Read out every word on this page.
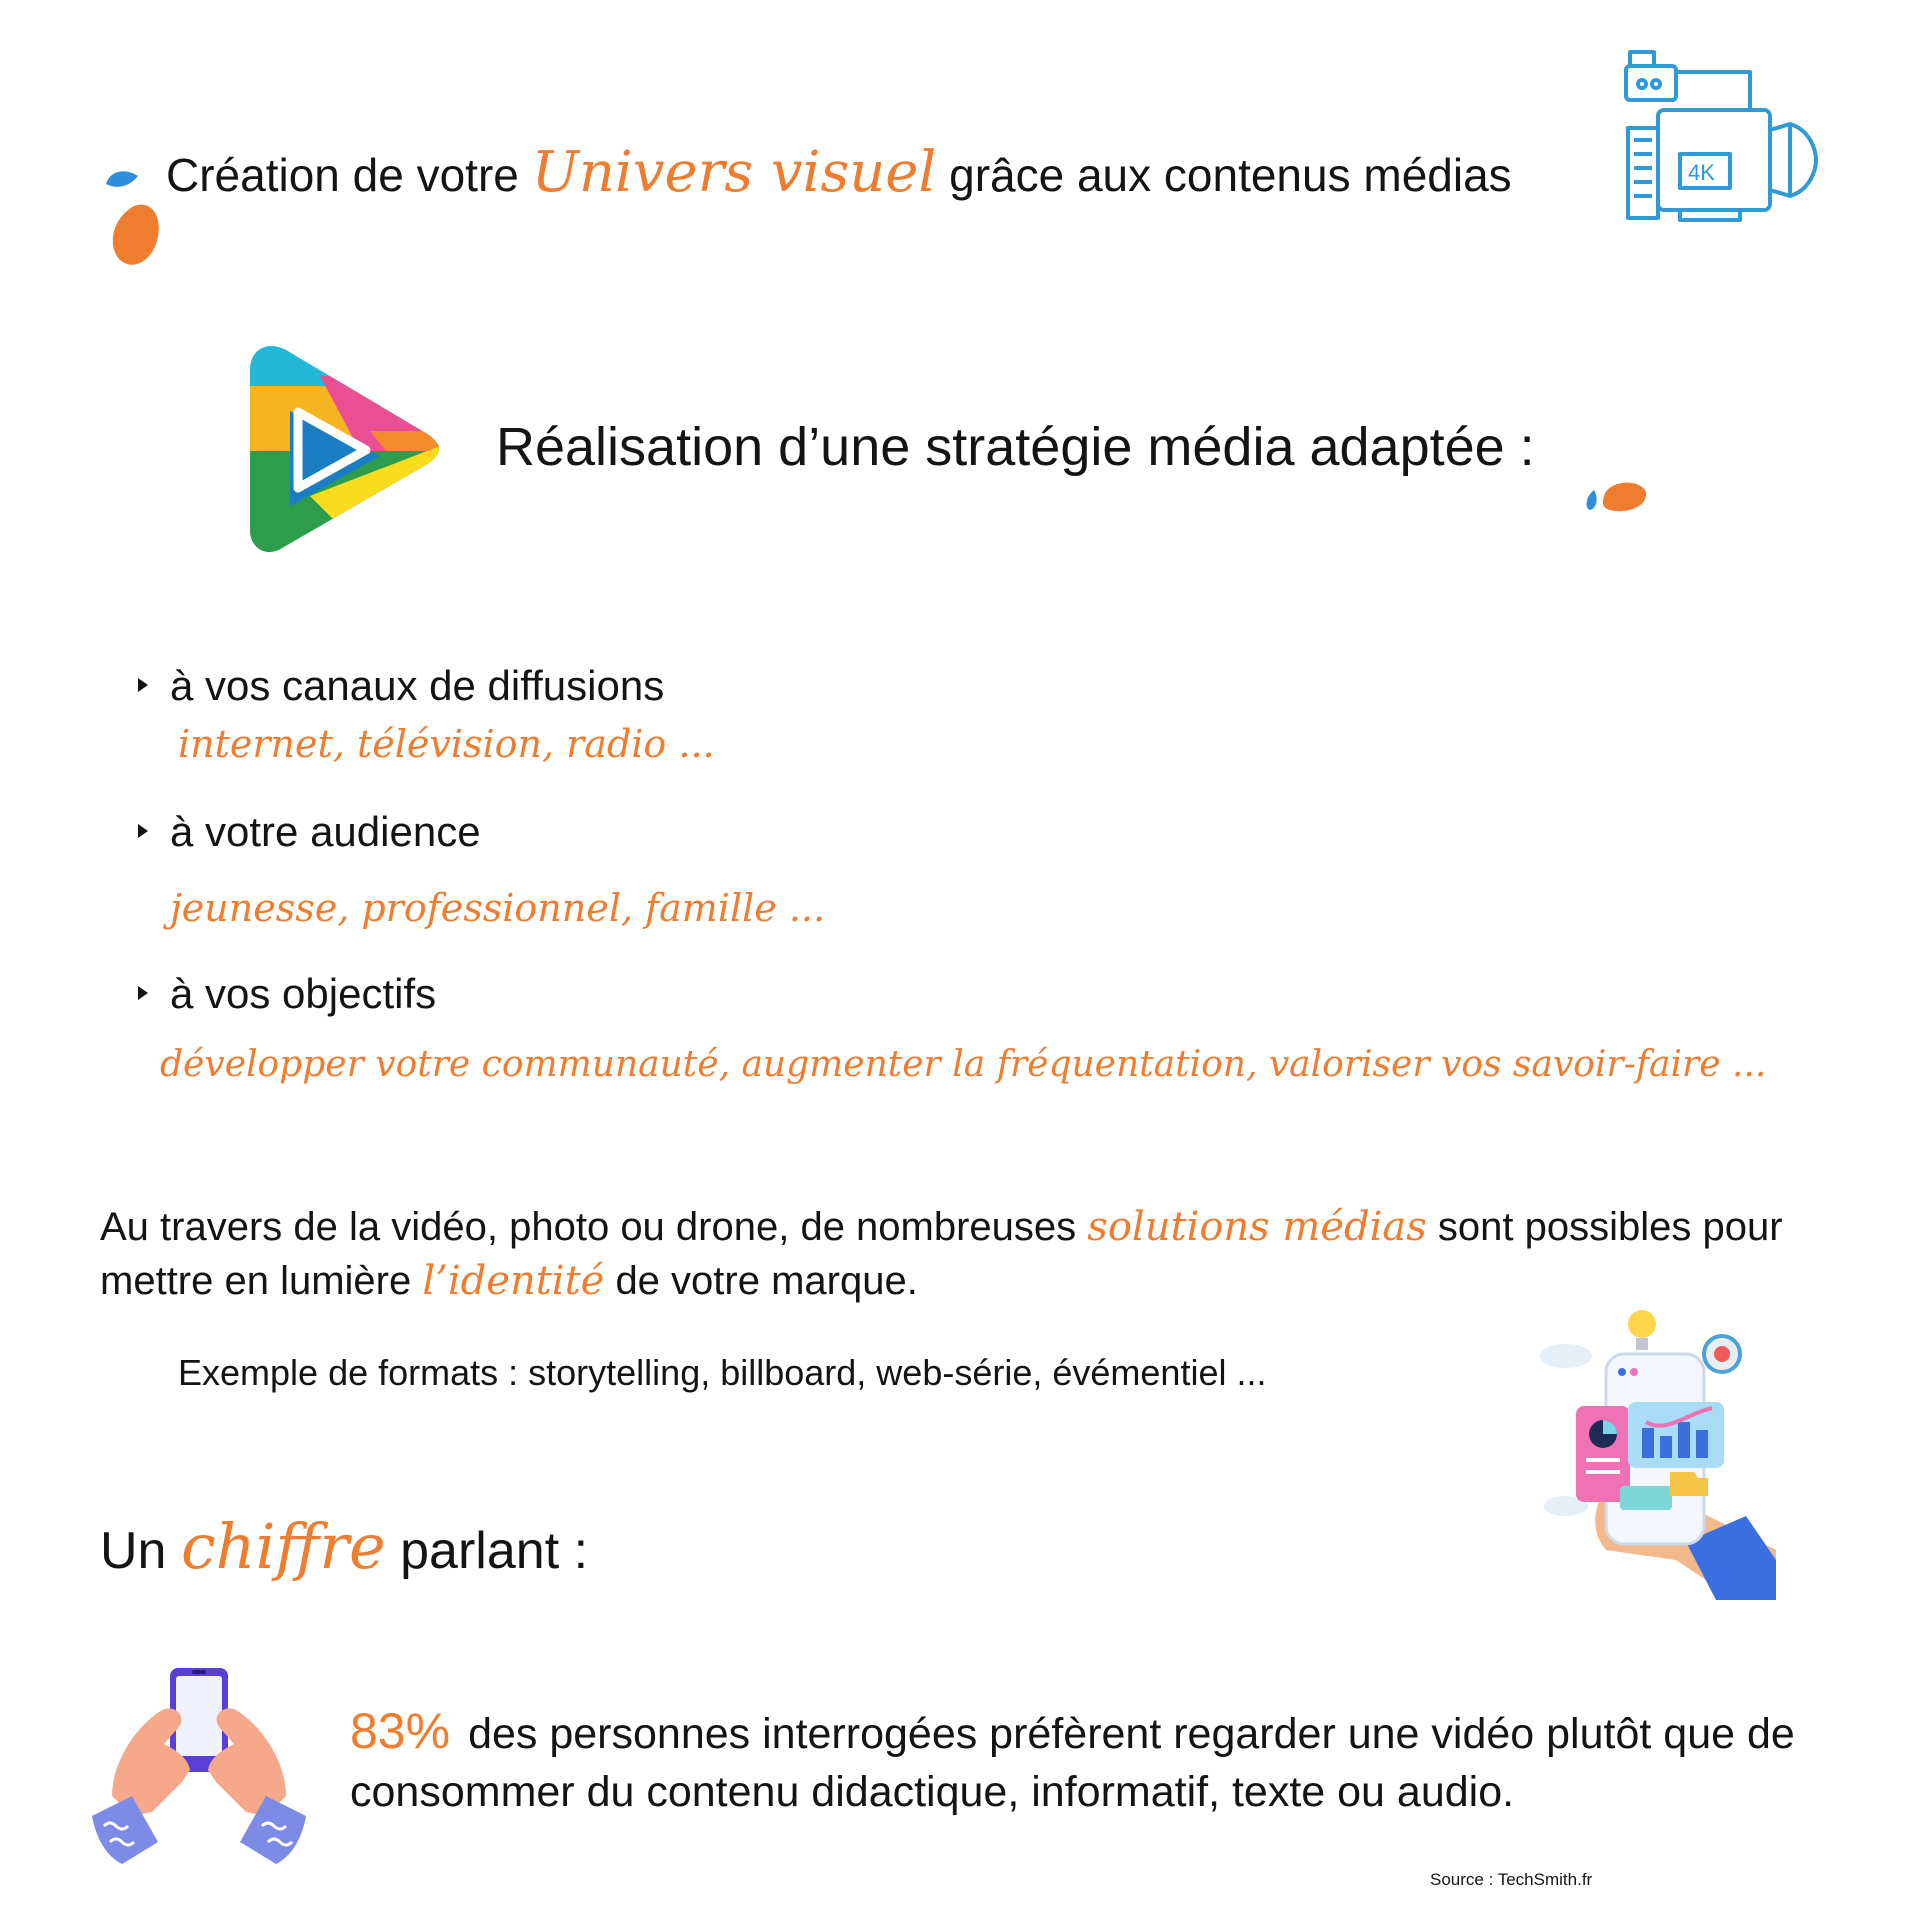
Création de votre Univers visuel grâce aux contenus médias	4K
Réalisation d’une stratégie média adaptée :
à vos canaux de diffusions
internet, télévision, radio ...
à votre audience
jeunesse, professionnel, famille ...
à vos objectifs
développer votre communauté, augmenter la fréquentation, valoriser vos savoir-faire ...
Au travers de la vidéo, photo ou drone, de nombreuses solutions médias sont possibles pour
mettre en lumière l’identité de votre marque.
Exemple de formats : storytelling, billboard, web-série, évémentiel ...
Un chiffre parlant :
83% des personnes interrogées préfèrent regarder une vidéo plutôt que de consommer du contenu didactique, informatif, texte ou audio.
Source : TechSmith.fr
